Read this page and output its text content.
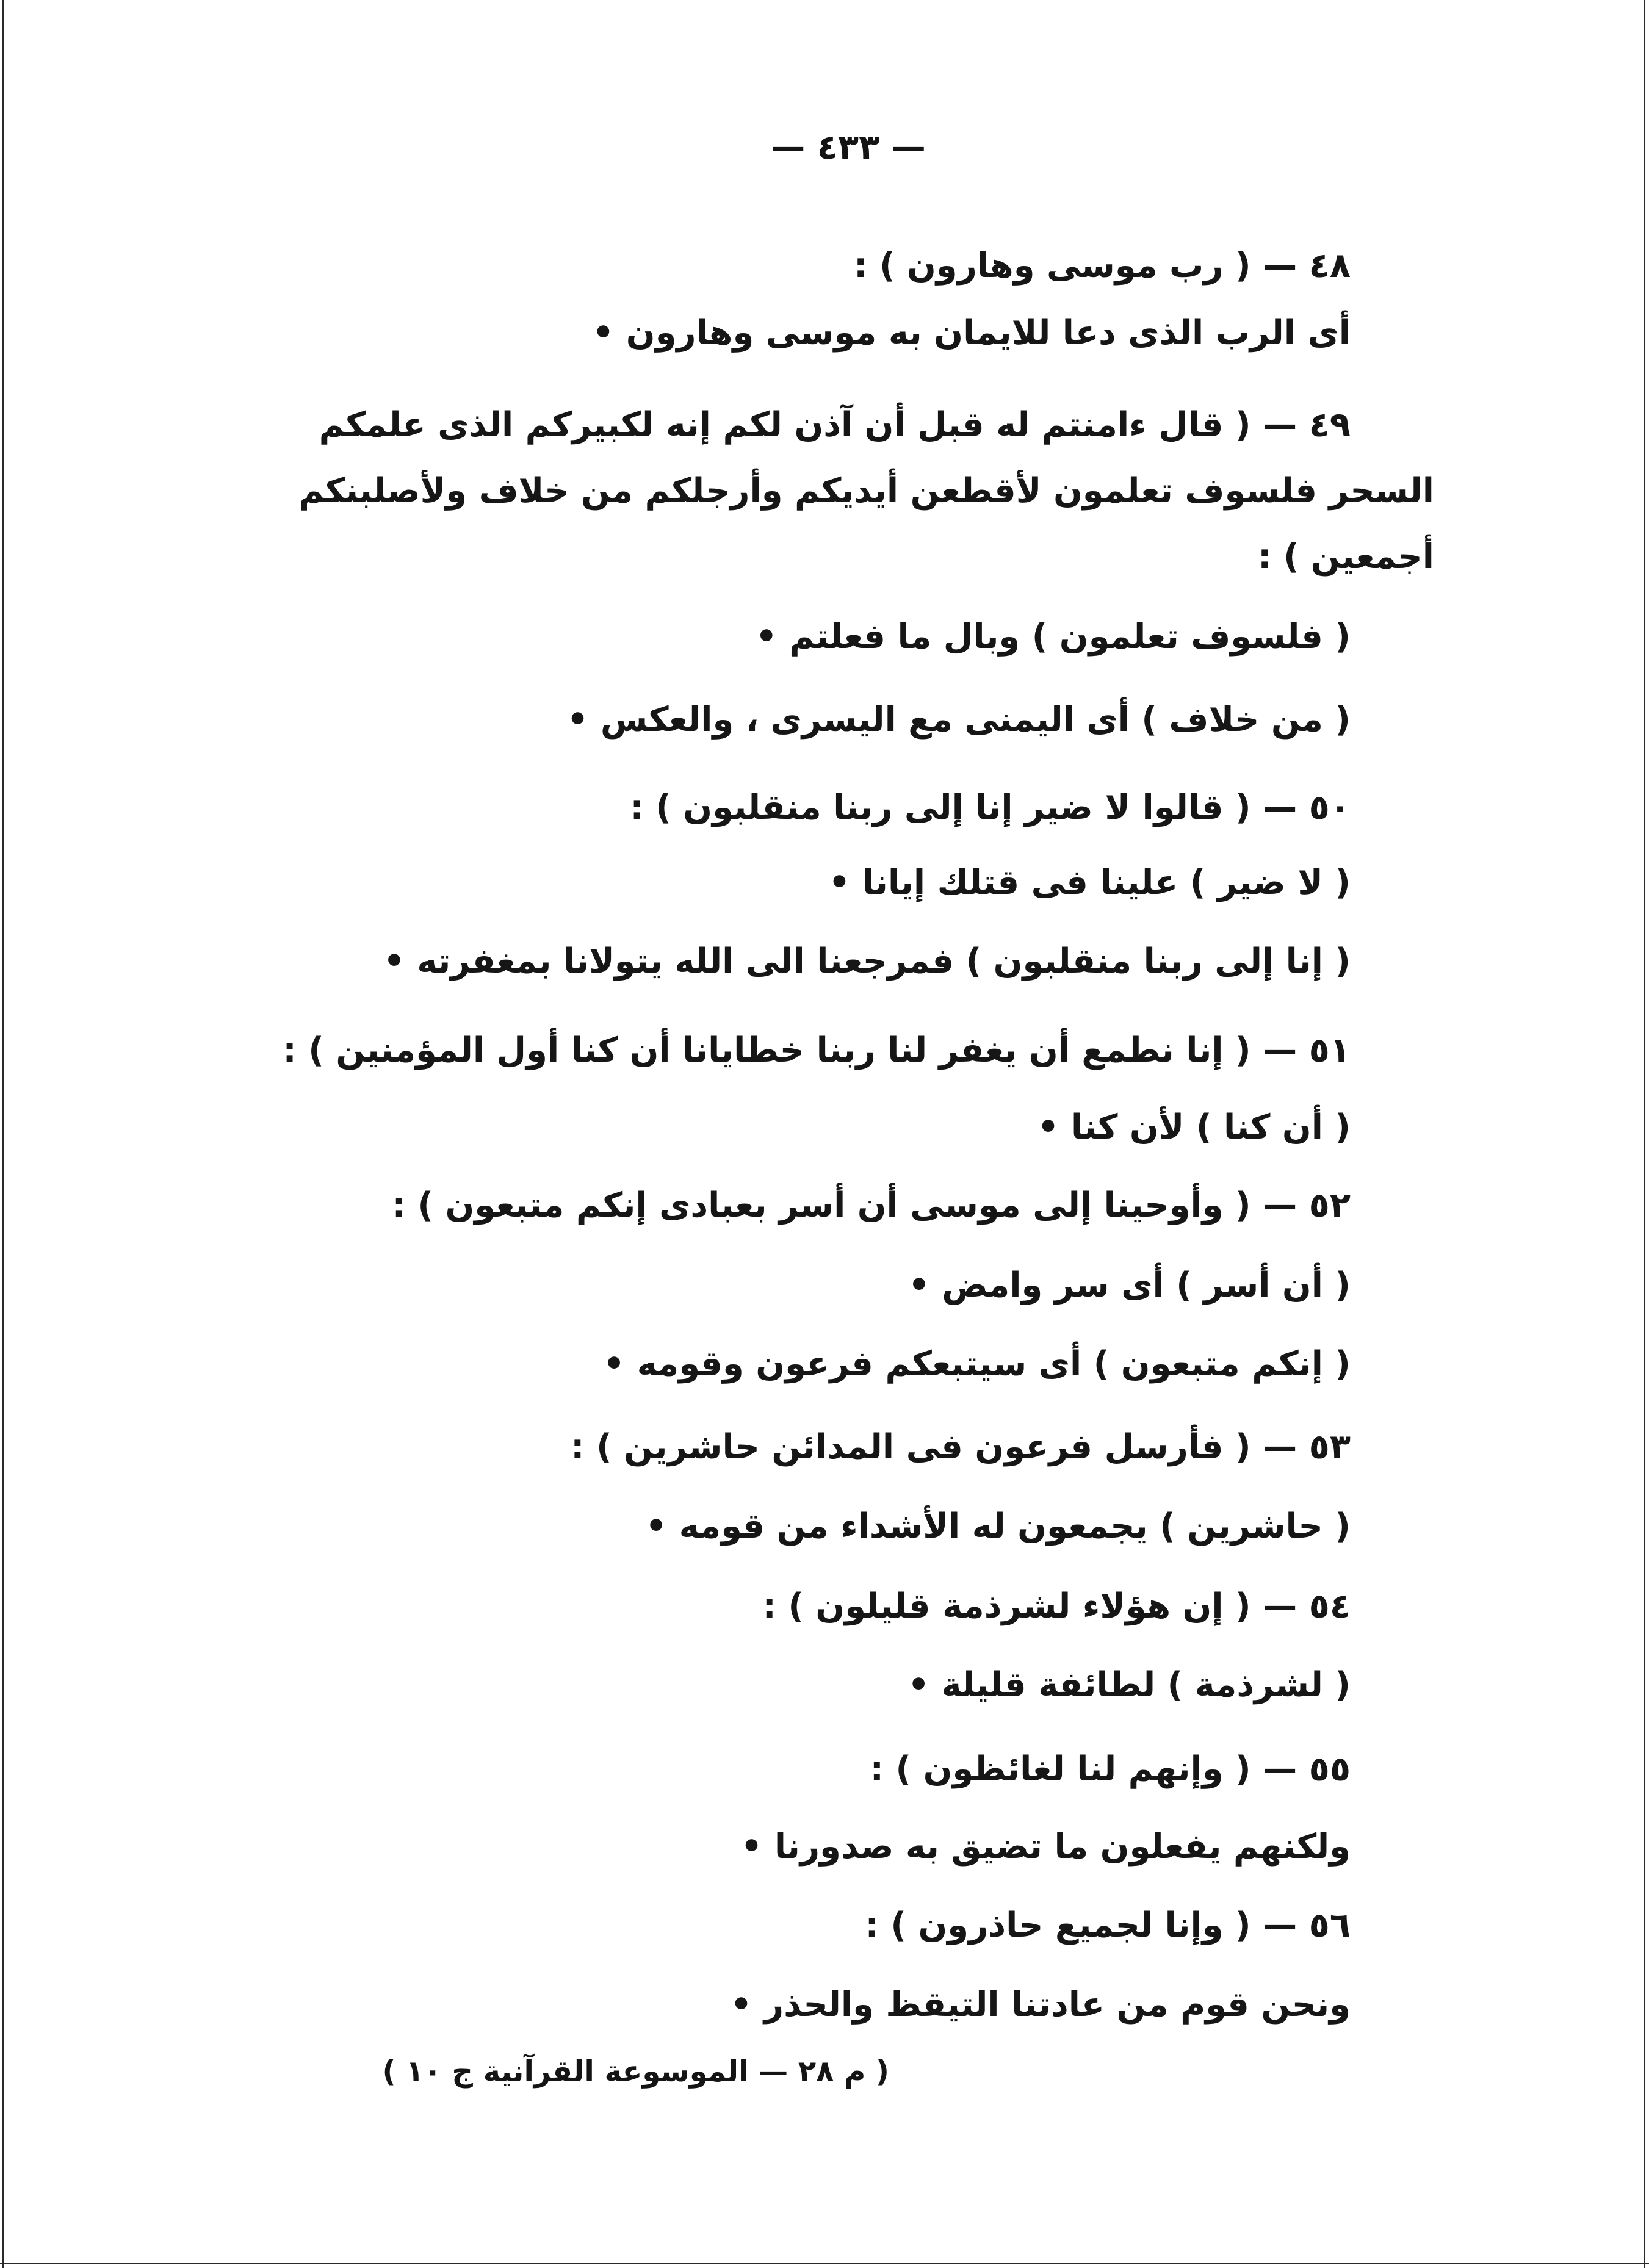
— ٤٣٣ —
٤٨ — ( رب موسى وهارون ) :
أى الرب الذى دعا للايمان به موسى وهارون •
٤٩ — ( قال ءامنتم له قبل أن آذن لكم إنه لكبيركم الذى علمكم
السحر فلسوف تعلمون لأقطعن أيديكم وأرجلكم من خلاف ولأصلبنكم
أجمعين ) :
( فلسوف تعلمون ) وبال ما فعلتم •
( من خلاف ) أى اليمنى مع اليسرى ، والعكس •
٥٠ — ( قالوا لا ضير إنا إلى ربنا منقلبون ) :
( لا ضير ) علينا فى قتلك إيانا •
( إنا إلى ربنا منقلبون ) فمرجعنا الى الله يتولانا بمغفرته •
٥١ — ( إنا نطمع أن يغفر لنا ربنا خطايانا أن كنا أول المؤمنين ) :
( أن كنا ) لأن كنا •
٥٢ — ( وأوحينا إلى موسى أن أسر بعبادى إنكم متبعون ) :
( أن أسر ) أى سر وامض •
( إنكم متبعون ) أى سيتبعكم فرعون وقومه •
٥٣ — ( فأرسل فرعون فى المدائن حاشرين ) :
( حاشرين ) يجمعون له الأشداء من قومه •
٥٤ — ( إن هؤلاء لشرذمة قليلون ) :
( لشرذمة ) لطائفة قليلة •
٥٥ — ( وإنهم لنا لغائظون ) :
ولكنهم يفعلون ما تضيق به صدورنا •
٥٦ — ( وإنا لجميع حاذرون ) :
ونحن قوم من عادتنا التيقظ والحذر •
( م ٢٨ — الموسوعة القرآنية ج ١٠ )
